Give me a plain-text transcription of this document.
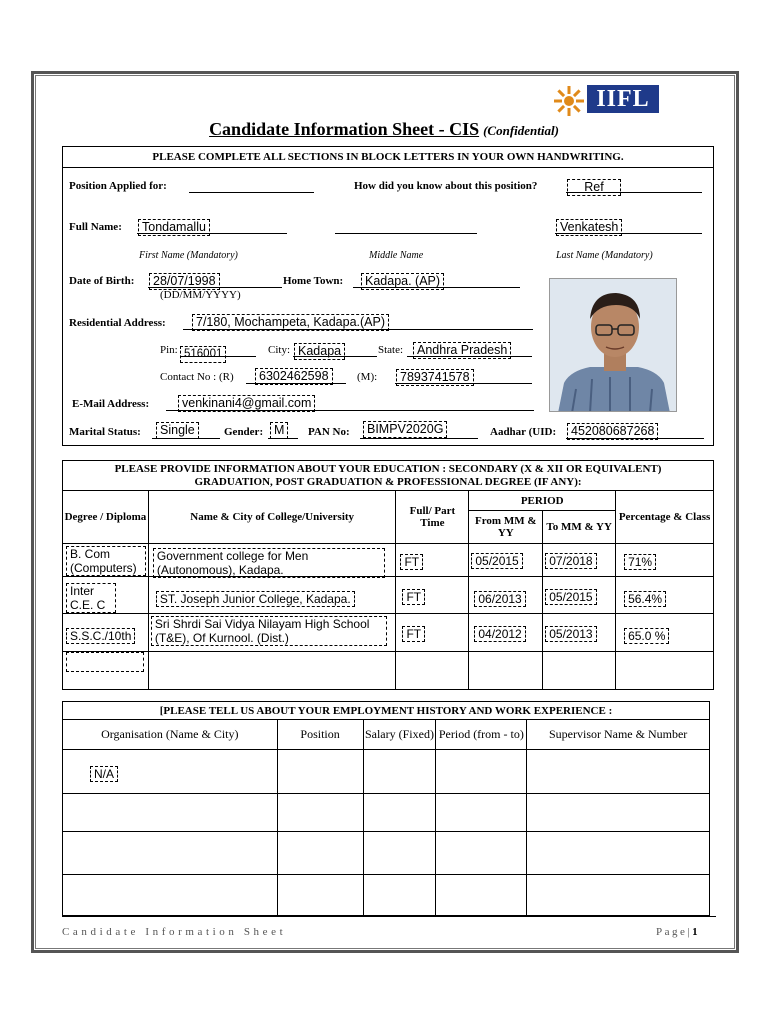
IIFL
Candidate Information Sheet - CIS (Confidential)
PLEASE COMPLETE ALL SECTIONS IN BLOCK LETTERS IN YOUR OWN HANDWRITING.
Position Applied for:	How did you know about this position?	Ref
Full Name:	Tondamallu	Venkatesh
First Name (Mandatory)	Middle Name	Last Name (Mandatory)
Date of Birth:	28/07/1998
(DD/MM/YYYY)
Home Town:	Kadapa. (AP)
Residential Address:	7/180, Mochampeta, Kadapa.(AP)
Pin: 516001	City: Kadapa	State:	Andhra Pradesh
Contact No : (R)	6302462598	(M):	7893741578
E-Mail Address:	venkinani4@gmail.com
Marital Status:	Single	Gender: M	PAN No:	BIMPV2020G	Aadhar (UID:	452080687268
PLEASE PROVIDE INFORMATION ABOUT YOUR EDUCATION : SECONDARY (X & XII OR EQUIVALENT)
GRADUATION, POST GRADUATION & PROFESSIONAL DEGREE (IF ANY):
Degree / Diploma	Name & City of College/University	Full/ Part Time	PERIOD		Percentage & Class
			From MM & YY	To MM & YY	

B. Com (Computers)	Government college for Men (Autonomous), Kadapa.	FT	05/2015	07/2018	71%

Inter C.E. C	ST. Joseph Junior College, Kadapa.	FT	06/2013	05/2015	56.4%

S.S.C./10th	Sri Shrdi Sai Vidya Nilayam High School (T&E), Of Kurnool. (Dist.)	FT	04/2012	05/2013	65.0 %

[PLEASE TELL US ABOUT YOUR EMPLOYMENT HISTORY AND WORK EXPERIENCE :
Organisation (Name & City)	Position	Salary (Fixed)	Period (from - to)	Supervisor Name & Number

N/A				

Candidate Information Sheet	Page|1
